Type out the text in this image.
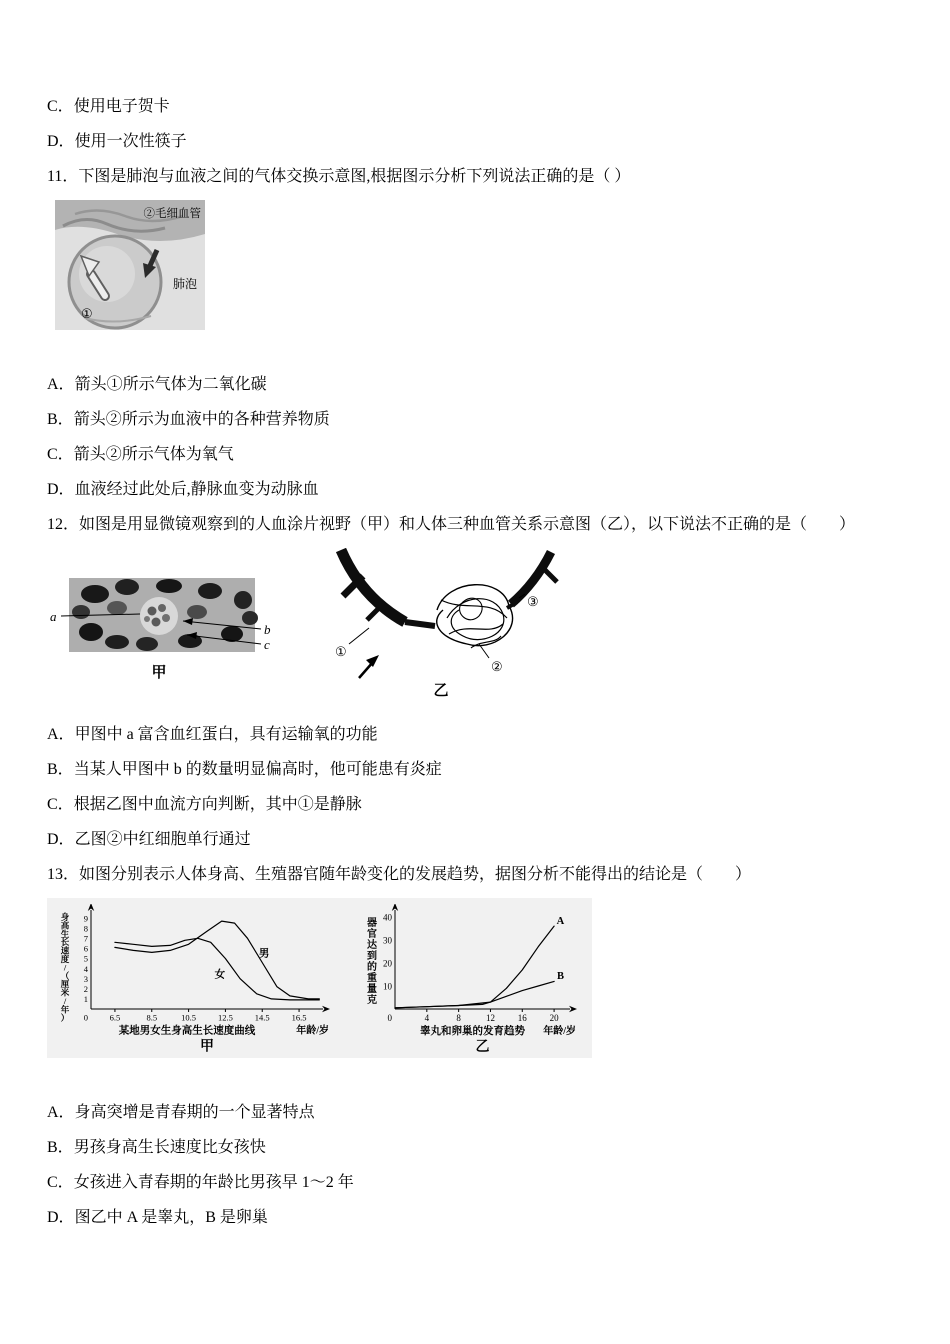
C．使用电子贺卡
D．使用一次性筷子
11．下图是肺泡与血液之间的气体交换示意图,根据图示分析下列说法正确的是（ ）
②毛细血管
肺泡
①
A．箭头①所示气体为二氧化碳
B．箭头②所示为血液中的各种营养物质
C．箭头②所示气体为氧气
D．血液经过此处后,静脉血变为动脉血
12．如图是用显微镜观察到的人血涂片视野（甲）和人体三种血管关系示意图（乙），以下说法不正确的是（　　）
a
b
c
甲
①
②
③
乙
A．甲图中 a 富含血红蛋白，具有运输氧的功能
B．当某人甲图中 b 的数量明显偏高时，他可能患有炎症
C．根据乙图中血流方向判断，其中①是静脉
D．乙图②中红细胞单行通过
13．如图分别表示人体身高、生殖器官随年龄变化的发展趋势，据图分析不能得出的结论是（　　）
6.5	8.5	10.5	12.5	14.5	16.5
1
2
3
4
5
6
7
8
9
0
身高生长速度/（厘米/年）
男
女
年龄/岁
某地男女生身高生长速度曲线
甲
4	8	12	16	20
10
20
30
40
0
器官达到的重量克
A
B
年龄/岁
睾丸和卵巢的发育趋势
乙
A．身高突增是青春期的一个显著特点
B．男孩身高生长速度比女孩快
C．女孩进入青春期的年龄比男孩早 1～2 年
D．图乙中 A 是睾丸，B 是卵巢
